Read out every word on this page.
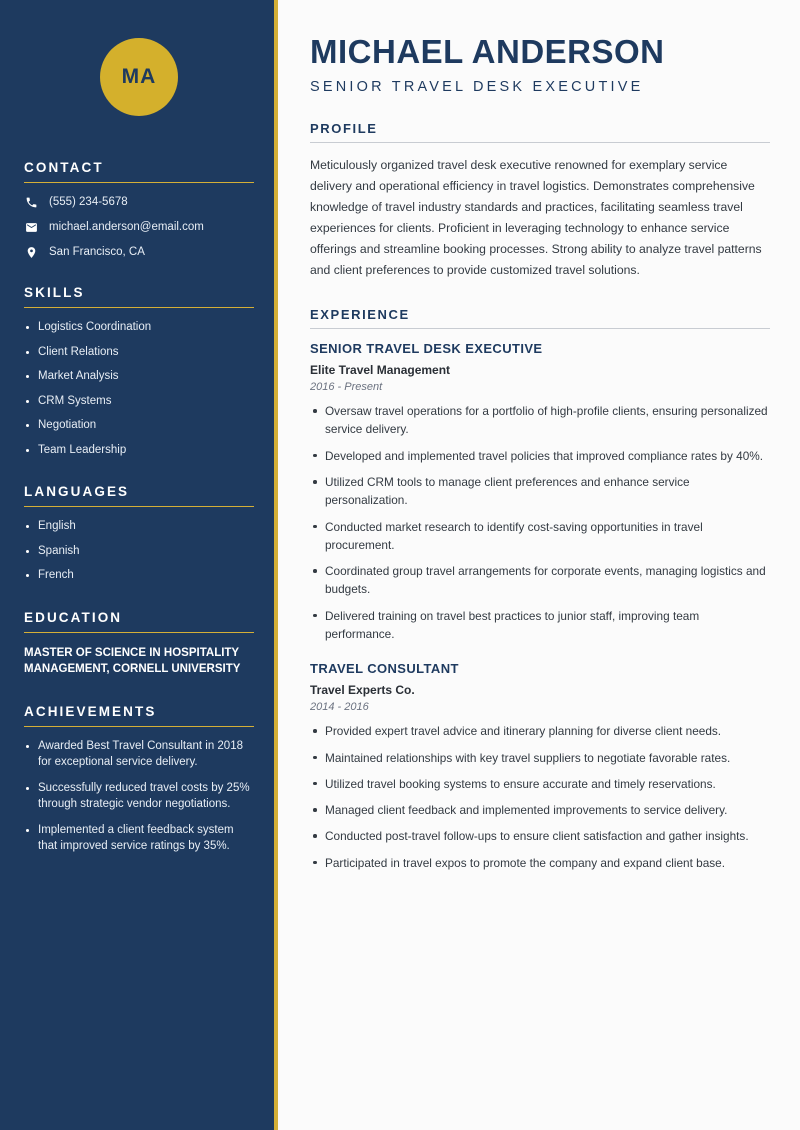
MA
CONTACT
(555) 234-5678
michael.anderson@email.com
San Francisco, CA
SKILLS
Logistics Coordination
Client Relations
Market Analysis
CRM Systems
Negotiation
Team Leadership
LANGUAGES
English
Spanish
French
EDUCATION
MASTER OF SCIENCE IN HOSPITALITY MANAGEMENT, CORNELL UNIVERSITY
ACHIEVEMENTS
Awarded Best Travel Consultant in 2018 for exceptional service delivery.
Successfully reduced travel costs by 25% through strategic vendor negotiations.
Implemented a client feedback system that improved service ratings by 35%.
MICHAEL ANDERSON
SENIOR TRAVEL DESK EXECUTIVE
PROFILE

Meticulously organized travel desk executive renowned for exemplary service delivery and operational efficiency in travel logistics. Demonstrates comprehensive knowledge of travel industry standards and practices, facilitating seamless travel experiences for clients. Proficient in leveraging technology to enhance service offerings and streamline booking processes. Strong ability to analyze travel patterns and client preferences to provide customized travel solutions.

EXPERIENCE
SENIOR TRAVEL DESK EXECUTIVE
Elite Travel Management
2016 - Present
Oversaw travel operations for a portfolio of high-profile clients, ensuring personalized service delivery.
Developed and implemented travel policies that improved compliance rates by 40%.
Utilized CRM tools to manage client preferences and enhance service personalization.
Conducted market research to identify cost-saving opportunities in travel procurement.
Coordinated group travel arrangements for corporate events, managing logistics and budgets.
Delivered training on travel best practices to junior staff, improving team performance.
TRAVEL CONSULTANT
Travel Experts Co.
2014 - 2016
Provided expert travel advice and itinerary planning for diverse client needs.
Maintained relationships with key travel suppliers to negotiate favorable rates.
Utilized travel booking systems to ensure accurate and timely reservations.
Managed client feedback and implemented improvements to service delivery.
Conducted post-travel follow-ups to ensure client satisfaction and gather insights.
Participated in travel expos to promote the company and expand client base.
